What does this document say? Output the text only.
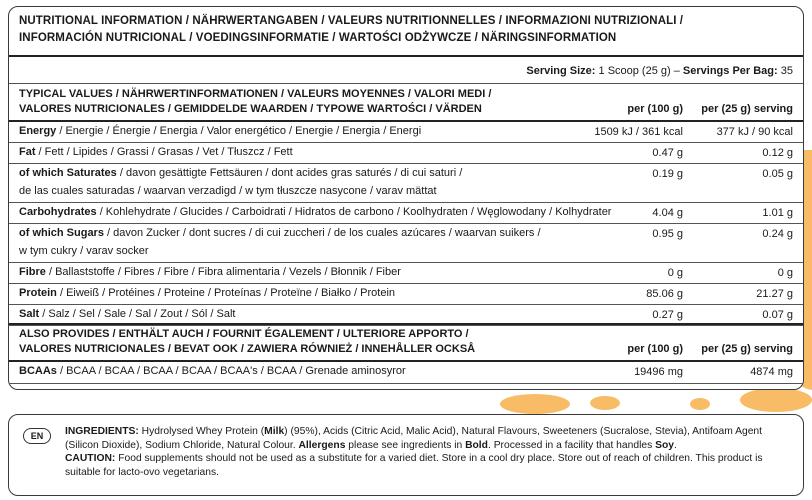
NUTRITIONAL INFORMATION / NÄHRWERTANGABEN / VALEURS NUTRITIONNELLES / INFORMAZIONI NUTRIZIONALI /
INFORMACIÓN NUTRICIONAL / VOEDINGSINFORMATIE / WARTOŚCI ODŻYWCZE / NÄRINGSINFORMATION
Serving Size: 1 Scoop (25 g) – Servings Per Bag: 35
TYPICAL VALUES / NÄHRWERTINFORMATIONEN / VALEURS MOYENNES / VALORI MEDI /
VALORES NUTRICIONALES / GEMIDDELDE WAARDEN / TYPOWE WARTOŚCI / VÄRDEN	per (100 g) per (25 g) serving
Energy / Energie / Énergie / Energia / Valor energético / Energie / Energia / Energi	1509 kJ / 361 kcal	377 kJ / 90 kcal
Fat / Fett / Lipides / Grassi / Grasas / Vet / Tłuszcz / Fett	0.47 g	0.12 g
of which Saturates / davon gesättigte Fettsäuren / dont acides gras saturés / di cui saturi /
de las cuales saturadas / waarvan verzadigd / w tym tłuszcze nasycone / varav mättat
0.19 g	0.05 g
Carbohydrates / Kohlehydrate / Glucides / Carboidrati / Hidratos de carbono / Koolhydraten / Węglowodany / Kolhydrater	4.04 g	1.01 g
of which Sugars / davon Zucker / dont sucres / di cui zuccheri / de los cuales azúcares / waarvan suikers /
w tym cukry / varav socker
0.95 g	0.24 g
Fibre / Ballaststoffe / Fibres / Fibre / Fibra alimentaria / Vezels / Błonnik / Fiber	0 g	0 g
Protein / Eiweiß / Protéines / Proteine / Proteínas / Proteïne / Białko / Protein	85.06 g	21.27 g
Salt / Salz / Sel / Sale / Sal / Zout / Sól / Salt	0.27 g	0.07 g
ALSO PROVIDES / ENTHÄLT AUCH / FOURNIT ÉGALEMENT / ULTERIORE APPORTO /
VALORES NUTRICIONALES / BEVAT OOK / ZAWIERA RÓWNIEŻ / INNEHÅLLER OCKSÅ	per (100 g) per (25 g) serving
BCAAs / BCAA / BCAA / BCAA / BCAA / BCAA's / BCAA / Grenade aminosyror	19496 mg	4874 mg
EN	INGREDIENTS: Hydrolysed Whey Protein (Milk) (95%), Acids (Citric Acid, Malic Acid), Natural Flavours, Sweeteners (Sucralose, Stevia), Antifoam Agent (Silicon Dioxide), Sodium Chloride, Natural Colour. Allergens please see ingredients in Bold. Processed in a facility that handles Soy.
CAUTION: Food supplements should not be used as a substitute for a varied diet. Store in a cool dry place. Store out of reach of children. This product is suitable for lacto-ovo vegetarians.
